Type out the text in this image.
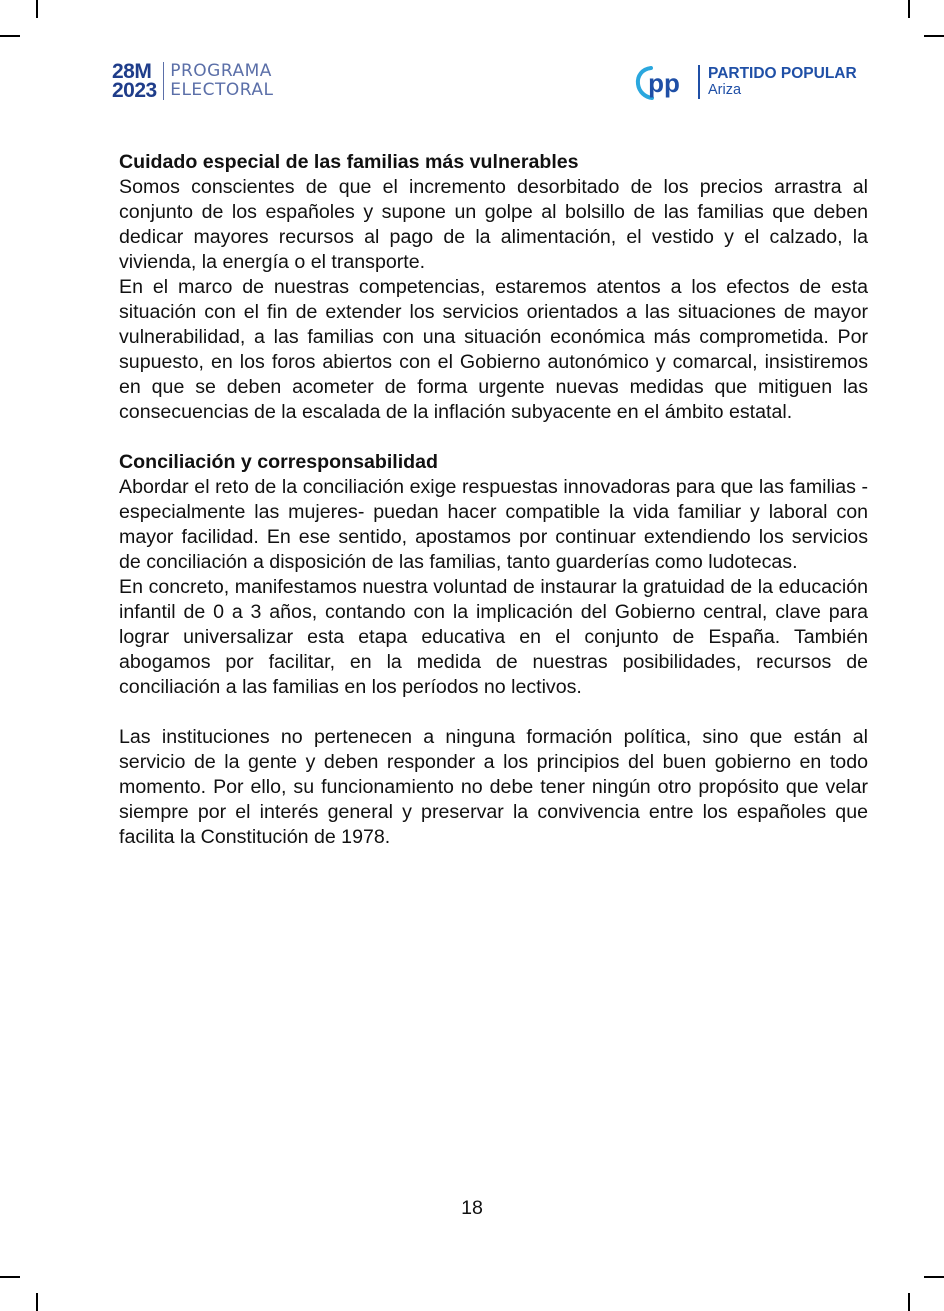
28M
2023
PROGRAMA
ELECTORAL	pp PARTIDO POPULAR
Ariza
Cuidado especial de las familias más vulnerables

Somos conscientes de que el incremento desorbitado de los precios arrastra al conjunto de los españoles y supone un golpe al bolsillo de las familias que deben dedicar mayores recursos al pago de la alimentación, el vestido y el calzado, la vivienda, la energía o el transporte.

En el marco de nuestras competencias, estaremos atentos a los efectos de esta situación con el fin de extender los servicios orientados a las situaciones de mayor vulnerabilidad, a las familias con una situación económica más comprometida. Por supuesto, en los foros abiertos con el Gobierno autonómico y comarcal, insistiremos en que se deben acometer de forma urgente nuevas medidas que mitiguen las consecuencias de la escalada de la inflación subyacente en el ámbito estatal.

Conciliación y corresponsabilidad

Abordar el reto de la conciliación exige respuestas innovadoras para que las familias -especialmente las mujeres- puedan hacer compatible la vida familiar y laboral con mayor facilidad. En ese sentido, apostamos por continuar extendiendo los servicios de conciliación a disposición de las familias, tanto guarderías como ludotecas.

En concreto, manifestamos nuestra voluntad de instaurar la gratuidad de la educación infantil de 0 a 3 años, contando con la implicación del Gobierno central, clave para lograr universalizar esta etapa educativa en el conjunto de España. También abogamos por facilitar, en la medida de nuestras posibilidades, recursos de conciliación a las familias en los períodos no lectivos.

Las instituciones no pertenecen a ninguna formación política, sino que están al servicio de la gente y deben responder a los principios del buen gobierno en todo momento. Por ello, su funcionamiento no debe tener ningún otro propósito que velar siempre por el interés general y preservar la convivencia entre los españoles que facilita la Constitución de 1978.

18
